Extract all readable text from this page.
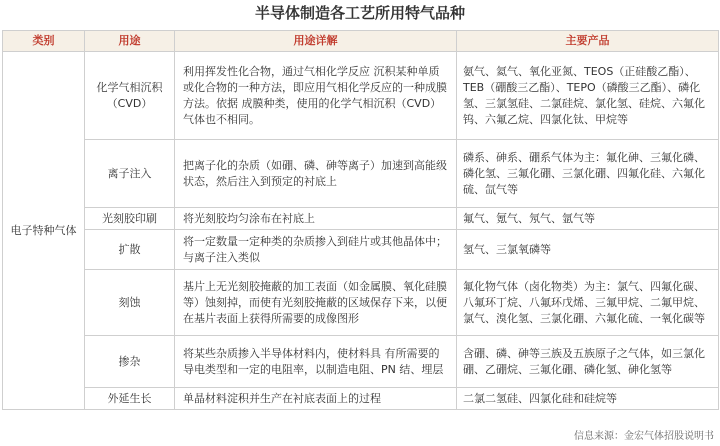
半导体制造各工艺所用特气品种
类别	用途	用途详解	主要产品
电子特种气体	化学气相沉积（CVD）	利用挥发性化合物，通过气相化学反应 沉积某种单质或化合物的一种方法，即应用气相化学反应的一种成膜方法。依据 成膜种类，使用的化学气相沉积（CVD）气体也不相同。	氨气、氦气、氧化亚氮、TEOS（正硅酸乙酯）、TEB（硼酸三乙酯）、TEPO（磷酸三乙酯）、磷化氢、三氯氢硅、二氯硅烷、氯化氢、硅烷、六氟化钨、六氟乙烷、四氯化钛、甲烷等
	离子注入	把离子化的杂质（如硼、磷、砷等离子）加速到高能级状态，然后注入到预定的衬底上	磷系、砷系、硼系气体为主：氟化砷、三氟化磷、磷化氢、三氟化硼、三氯化硼、四氟化硅、六氟化硫、氙气等
	光刻胶印刷	将光刻胶均匀涂布在衬底上	氟气、氪气、氖气、氩气等
	扩散	将一定数量一定种类的杂质掺入到硅片或其他晶体中；与离子注入类似	氢气、三氯氧磷等
	刻蚀	基片上无光刻胶掩蔽的加工表面（如金属膜、氧化硅膜等）蚀刻掉，而使有光刻胶掩蔽的区域保存下来，以便在基片表面上获得所需要的成像图形	氟化物气体（卤化物类）为主：氯气、四氟化碳、八氟环丁烷、八氟环戊烯、三氟甲烷、二氟甲烷、氯气、溴化氢、三氯化硼、六氟化硫、一氧化碳等
	掺杂	将某些杂质掺入半导体材料内，使材料具 有所需要的导电类型和一定的电阻率，以制造电阻、PN 结、埋层	含硼、磷、砷等三族及五族原子之气体，如三氯化硼、乙硼烷、三氟化硼、磷化氢、砷化氢等
	外延生长	单晶材料淀积并生产在衬底表面上的过程	二氯二氢硅、四氯化硅和硅烷等
信息来源：金宏气体招股说明书
